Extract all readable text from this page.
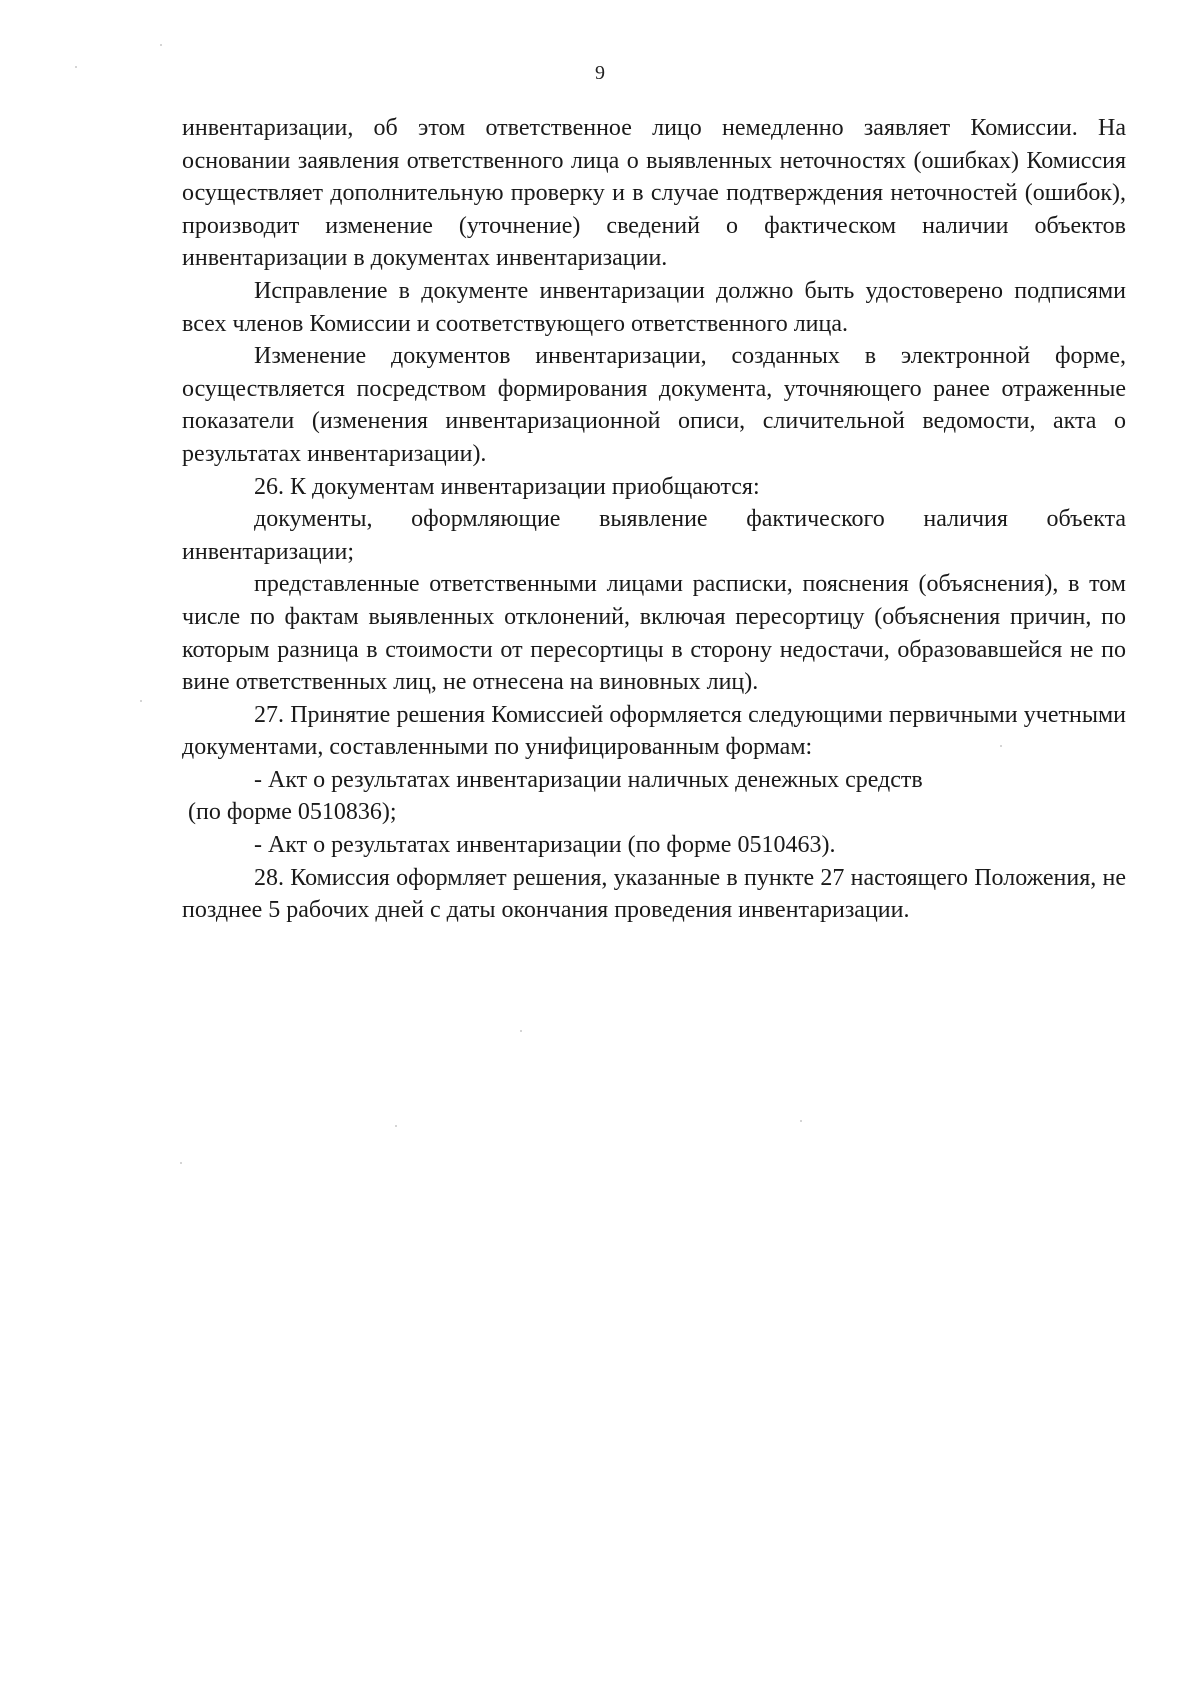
9

инвентаризации, об этом ответственное лицо немедленно заявляет Комиссии. На основании заявления ответственного лица о выявленных неточностях (ошибках) Комиссия осуществляет дополнительную проверку и в случае подтверждения неточностей (ошибок), производит изменение (уточнение) сведений о фактическом наличии объектов инвентаризации в документах инвентаризации.

Исправление в документе инвентаризации должно быть удостоверено подписями всех членов Комиссии и соответствующего ответственного лица.

Изменение документов инвентаризации, созданных в электронной форме, осуществляется посредством формирования документа, уточняющего ранее отраженные показатели (изменения инвентаризационной описи, сличительной ведомости, акта о результатах инвентаризации).

26. К документам инвентаризации приобщаются:

документы, оформляющие выявление фактического наличия объекта инвентаризации;

представленные ответственными лицами расписки, пояснения (объяснения), в том числе по фактам выявленных отклонений, включая пересортицу (объяснения причин, по которым разница в стоимости от пересортицы в сторону недостачи, образовавшейся не по вине ответственных лиц, не отнесена на виновных лиц).

27. Принятие решения Комиссией оформляется следующими первичными учетными документами, составленными по унифицированным формам:

- Акт о результатах инвентаризации наличных денежных средств

(по форме 0510836);

- Акт о результатах инвентаризации (по форме 0510463).

28. Комиссия оформляет решения, указанные в пункте 27 настоящего Положения, не позднее 5 рабочих дней с даты окончания проведения инвентаризации.
